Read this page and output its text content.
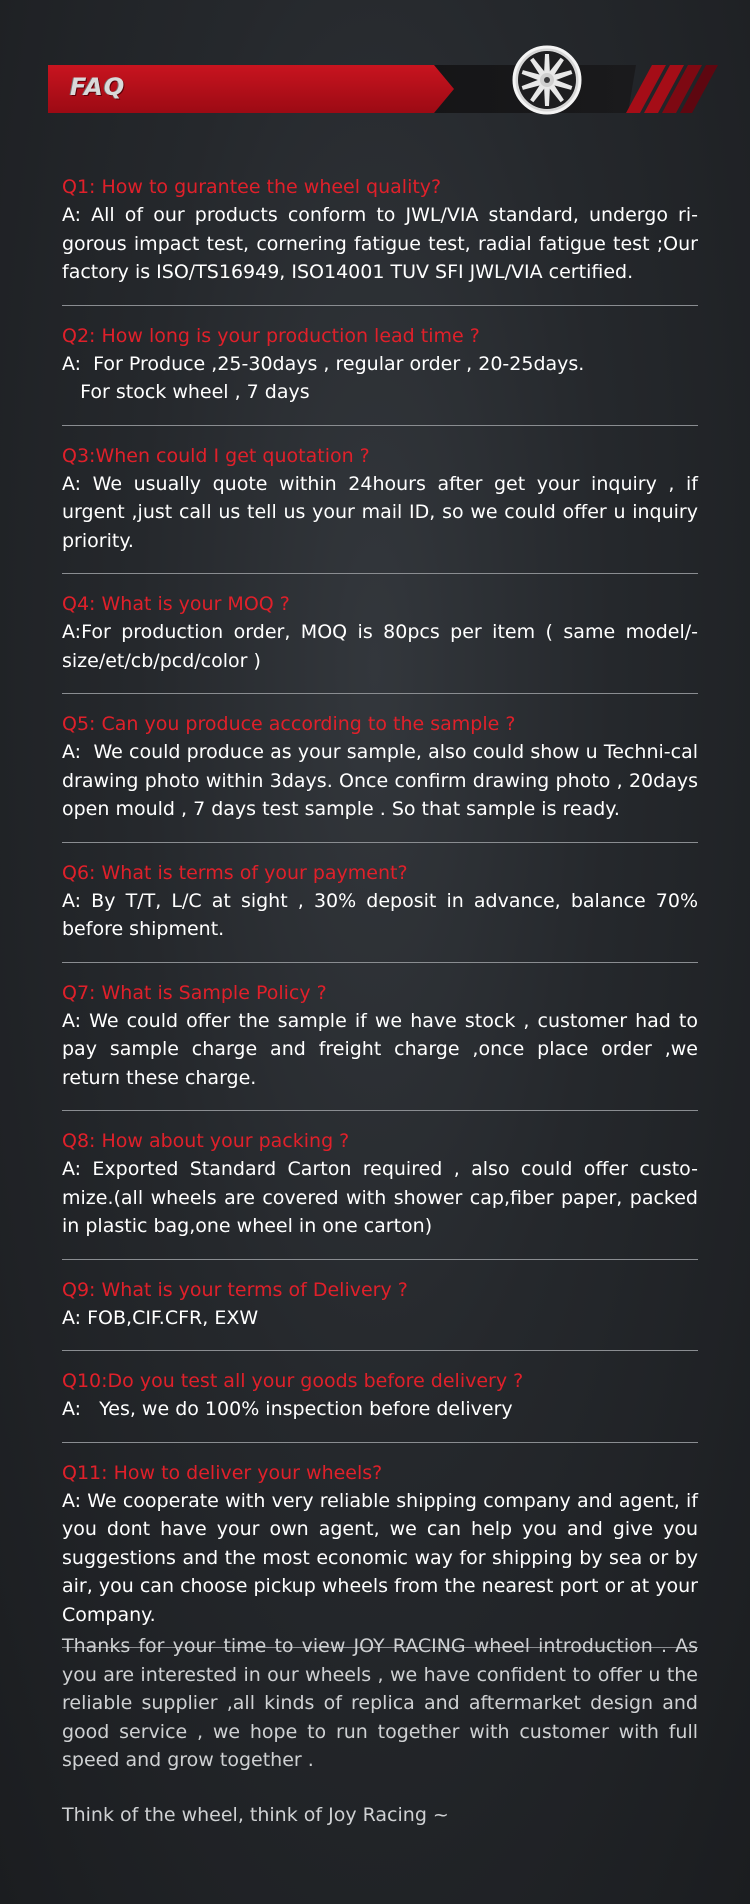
FAQ
Q1: How to gurantee the wheel quality?
A: All of our products conform to JWL/VIA standard, undergo ri-gorous impact test, cornering fatigue test, radial fatigue test ;Our factory is ISO/TS16949, ISO14001 TUV SFI JWL/VIA certified.
Q2: How long is your production lead time ?
A:  For Produce ,25-30days , regular order , 20-25days.
For stock wheel , 7 days
Q3:When could I get quotation ?
A: We usually quote within 24hours after get your inquiry , if urgent ,just call us tell us your mail ID, so we could offer u inquiry priority.
Q4: What is your MOQ ?
A:For production order, MOQ is 80pcs per item ( same model/-size/et/cb/pcd/color )
Q5: Can you produce according to the sample ?
A:  We could produce as your sample, also could show u Techni-cal drawing photo within 3days. Once confirm drawing photo , 20days open mould , 7 days test sample . So that sample is ready.
Q6: What is terms of your payment?
A: By T/T, L/C at sight , 30% deposit in advance, balance 70% before shipment.
Q7: What is Sample Policy ?
A: We could offer the sample if we have stock , customer had to pay sample charge and freight charge ,once place order ,we return these charge.
Q8: How about your packing ?
A: Exported Standard Carton required , also could offer custo-mize.(all wheels are covered with shower cap,fiber paper, packed in plastic bag,one wheel in one carton)
Q9: What is your terms of Delivery ?
A: FOB,CIF.CFR, EXW
Q10:Do you test all your goods before delivery ?
A:   Yes, we do 100% inspection before delivery
Q11: How to deliver your wheels?
A: We cooperate with very reliable shipping company and agent, if you dont have your own agent, we can help you and give you suggestions and the most economic way for shipping by sea or by air, you can choose pickup wheels from the nearest port or at your Company.

Thanks for your time to view JOY RACING wheel introduction . As you are interested in our wheels , we have confident to offer u the reliable supplier ,all kinds of replica and aftermarket design and good service , we hope to run together with customer with full speed and grow together .

Think of the wheel, think of Joy Racing ~
